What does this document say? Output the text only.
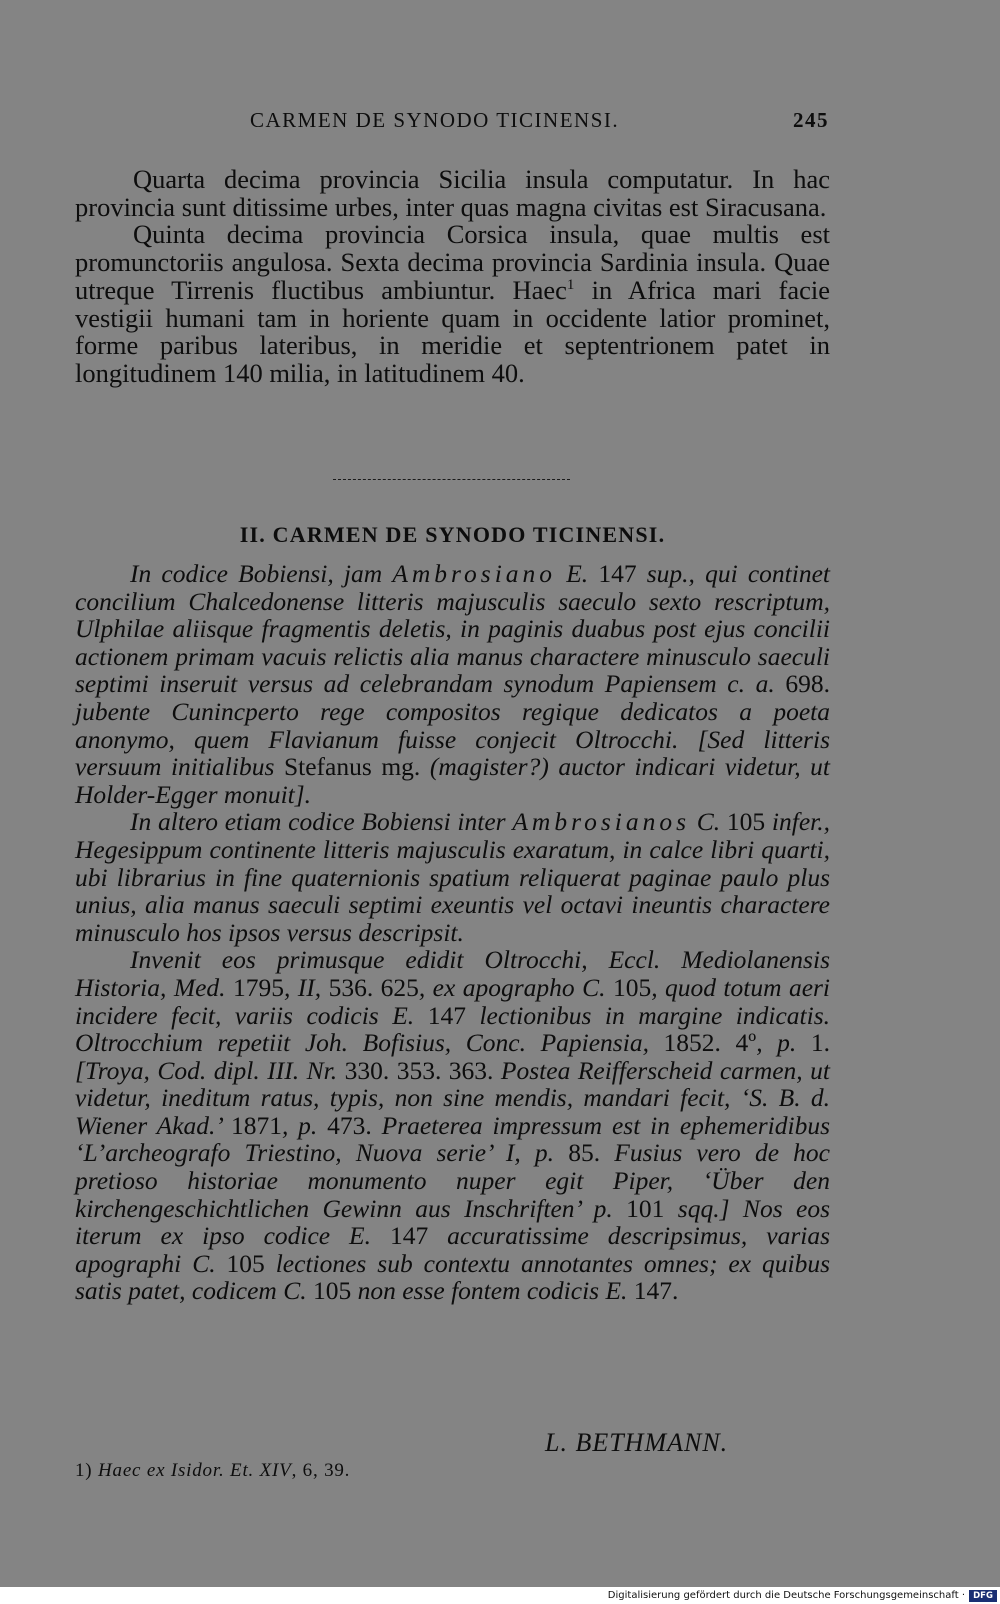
CARMEN DE SYNODO TICINENSI.	245

Quarta decima provincia Sicilia insula computatur. In hac provincia sunt ditissime urbes, inter quas magna civitas est Siracusana.

Quinta decima provincia Corsica insula, quae multis est promunctoriis angulosa. Sexta decima provincia Sardinia insula. Quae utreque Tirrenis fluctibus ambiuntur. Haec$^1$ in Africa mari facie vestigii humani tam in horiente quam in occidente latior prominet, forme paribus lateribus, in meridie et septentrionem patet in longitudinem 140 milia, in latitudinem 40.

II. CARMEN DE SYNODO TICINENSI.

In codice Bobiensi, jam Ambrosiano E. 147 sup., qui continet concilium Chalcedonense litteris majusculis saeculo sexto rescriptum, Ulphilae aliisque fragmentis deletis, in paginis duabus post ejus concilii actionem primam vacuis relictis alia manus charactere minusculo saeculi septimi inseruit versus ad celebrandam synodum Papiensem c. a. 698. jubente Cunincperto rege compositos regique dedicatos a poeta anonymo, quem Flavianum fuisse conjecit Oltrocchi. [Sed litteris versuum initialibus Stefanus mg. (magister?) auctor indicari videtur, ut Holder-Egger monuit].

In altero etiam codice Bobiensi inter Ambrosianos C. 105 infer., Hegesippum continente litteris majusculis exaratum, in calce libri quarti, ubi librarius in fine quaternionis spatium reliquerat paginae paulo plus unius, alia manus saeculi septimi exeuntis vel octavi ineuntis charactere minusculo hos ipsos versus descripsit.

Invenit eos primusque edidit Oltrocchi, Eccl. Mediolanensis Historia, Med. 1795, II, 536. 625, ex apographo C. 105, quod totum aeri incidere fecit, variis codicis E. 147 lectionibus in margine indicatis. Oltrocchium repetiit Joh. Bofisius, Conc. Papiensia, 1852. 4º, p. 1. [Troya, Cod. dipl. III. Nr. 330. 353. 363. Postea Reifferscheid carmen, ut videtur, ineditum ratus, typis, non sine mendis, mandari fecit, ‘S. B. d. Wiener Akad.’ 1871, p. 473. Praeterea impressum est in ephemeridibus ‘L’archeografo Triestino, Nuova serie’ I, p. 85. Fusius vero de hoc pretioso historiae monumento nuper egit Piper, ‘Über den kirchengeschichtlichen Gewinn aus Inschriften’ p. 101 sqq.] Nos eos iterum ex ipso codice E. 147 accuratissime descripsimus, varias apographi C. 105 lectiones sub contextu annotantes omnes; ex quibus satis patet, codicem C. 105 non esse fontem codicis E. 147.

L. BETHMANN.
1) Haec ex Isidor. Et. XIV, 6, 39.
Digitalisierung gefördert durch die Deutsche Forschungsgemeinschaft · DFG
